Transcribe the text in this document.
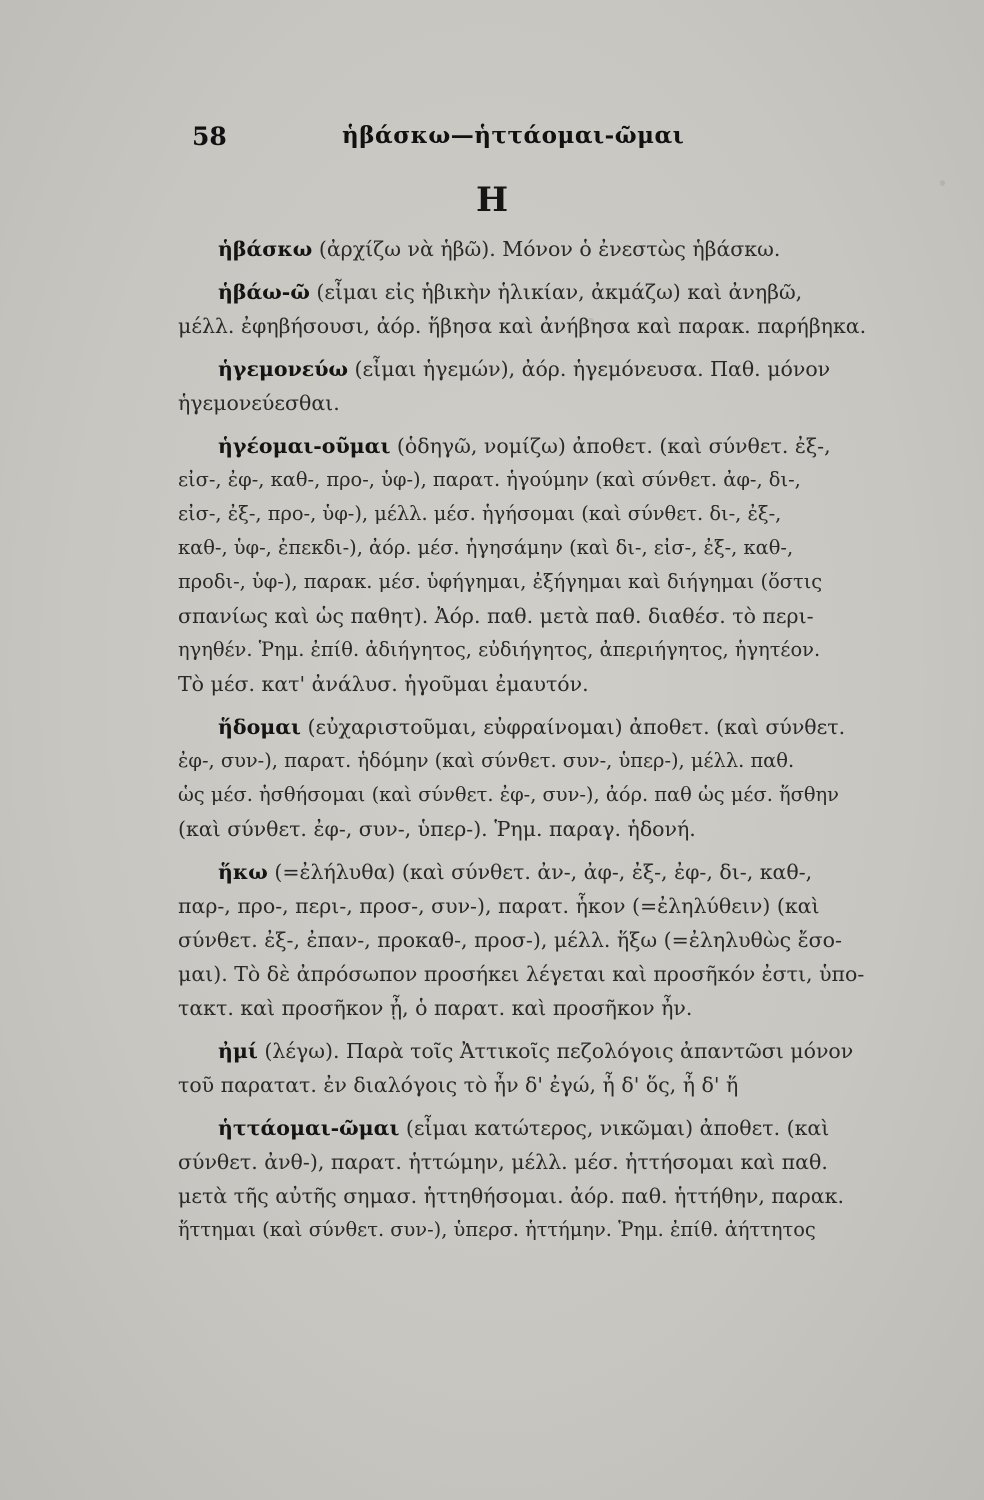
58	ἡβάσκω—ἡττάομαι-ῶμαι
Η
ἡβάσκω (ἀρχίζω νὰ ἡβῶ). Μόνον ὁ ἐνεστὼς ἡβάσκω.
ἡβάω-ῶ (εἶμαι εἰς ἡβικὴν ἡλικίαν, ἀκμάζω) καὶ ἀνηβῶ,
μέλλ. ἐφηβήσουσι, ἀόρ. ἥβησα καὶ ἀνήβησα καὶ παρακ. παρήβηκα.
ἡγεμονεύω (εἶμαι ἡγεμών), ἀόρ. ἡγεμόνευσα. Παθ. μόνον
ἡγεμονεύεσθαι.
ἡγέομαι-οῦμαι (ὁδηγῶ, νομίζω) ἀποθετ. (καὶ σύνθετ. ἐξ-,
εἰσ-, ἐφ-, καθ-, προ-, ὑφ-), παρατ. ἡγούμην (καὶ σύνθετ. ἀφ-, δι-,
εἰσ-, ἐξ-, προ-, ὑφ-), μέλλ. μέσ. ἡγήσομαι (καὶ σύνθετ. δι-, ἐξ-,
καθ-, ὑφ-, ἐπεκδι-), ἀόρ. μέσ. ἡγησάμην (καὶ δι-, εἰσ-, ἐξ-, καθ-,
προδι-, ὑφ-), παρακ. μέσ. ὑφήγημαι, ἐξήγημαι καὶ διήγημαι (ὅστις
σπανίως καὶ ὡς παθητ). Ἀόρ. παθ. μετὰ παθ. διαθέσ. τὸ περι-
ηγηθέν. Ῥημ. ἐπίθ. ἀδιήγητος, εὐδιήγητος, ἀπεριήγητος, ἡγητέον.
Τὸ μέσ. κατ' ἀνάλυσ. ἡγοῦμαι ἐμαυτόν.
ἥδομαι (εὐχαριστοῦμαι, εὐφραίνομαι) ἀποθετ. (καὶ σύνθετ.
ἐφ-, συν-), παρατ. ἡδόμην (καὶ σύνθετ. συν-, ὑπερ-), μέλλ. παθ.
ὡς μέσ. ἡσθήσομαι (καὶ σύνθετ. ἐφ-, συν-), ἀόρ. παθ ὡς μέσ. ἥσθην
(καὶ σύνθετ. ἐφ-, συν-, ὑπερ-). Ῥημ. παραγ. ἡδονή.
ἥκω (=ἐλήλυθα) (καὶ σύνθετ. ἀν-, ἀφ-, ἐξ-, ἐφ-, δι-, καθ-,
παρ-, προ-, περι-, προσ-, συν-), παρατ. ἧκον (=ἐληλύθειν) (καὶ
σύνθετ. ἐξ-, ἐπαν-, προκαθ-, προσ-), μέλλ. ἥξω (=ἐληλυθὼς ἔσο-
μαι). Τὸ δὲ ἀπρόσωπον προσήκει λέγεται καὶ προσῆκόν ἐστι, ὑπο-
τακτ. καὶ προσῆκον ᾖ, ὁ παρατ. καὶ προσῆκον ἦν.
ἠμί (λέγω). Παρὰ τοῖς Ἀττικοῖς πεζολόγοις ἀπαντῶσι μόνον
τοῦ παρατατ. ἐν διαλόγοις τὸ ἦν δ' ἐγώ, ἦ δ' ὅς, ἦ δ' ἥ
ἡττάομαι-ῶμαι (εἶμαι κατώτερος, νικῶμαι) ἀποθετ. (καὶ
σύνθετ. ἀνθ-), παρατ. ἡττώμην, μέλλ. μέσ. ἡττήσομαι καὶ παθ.
μετὰ τῆς αὐτῆς σημασ. ἡττηθήσομαι. ἀόρ. παθ. ἡττήθην, παρακ.
ἥττημαι (καὶ σύνθετ. συν-), ὑπερσ. ἡττήμην. Ῥημ. ἐπίθ. ἀήττητος
